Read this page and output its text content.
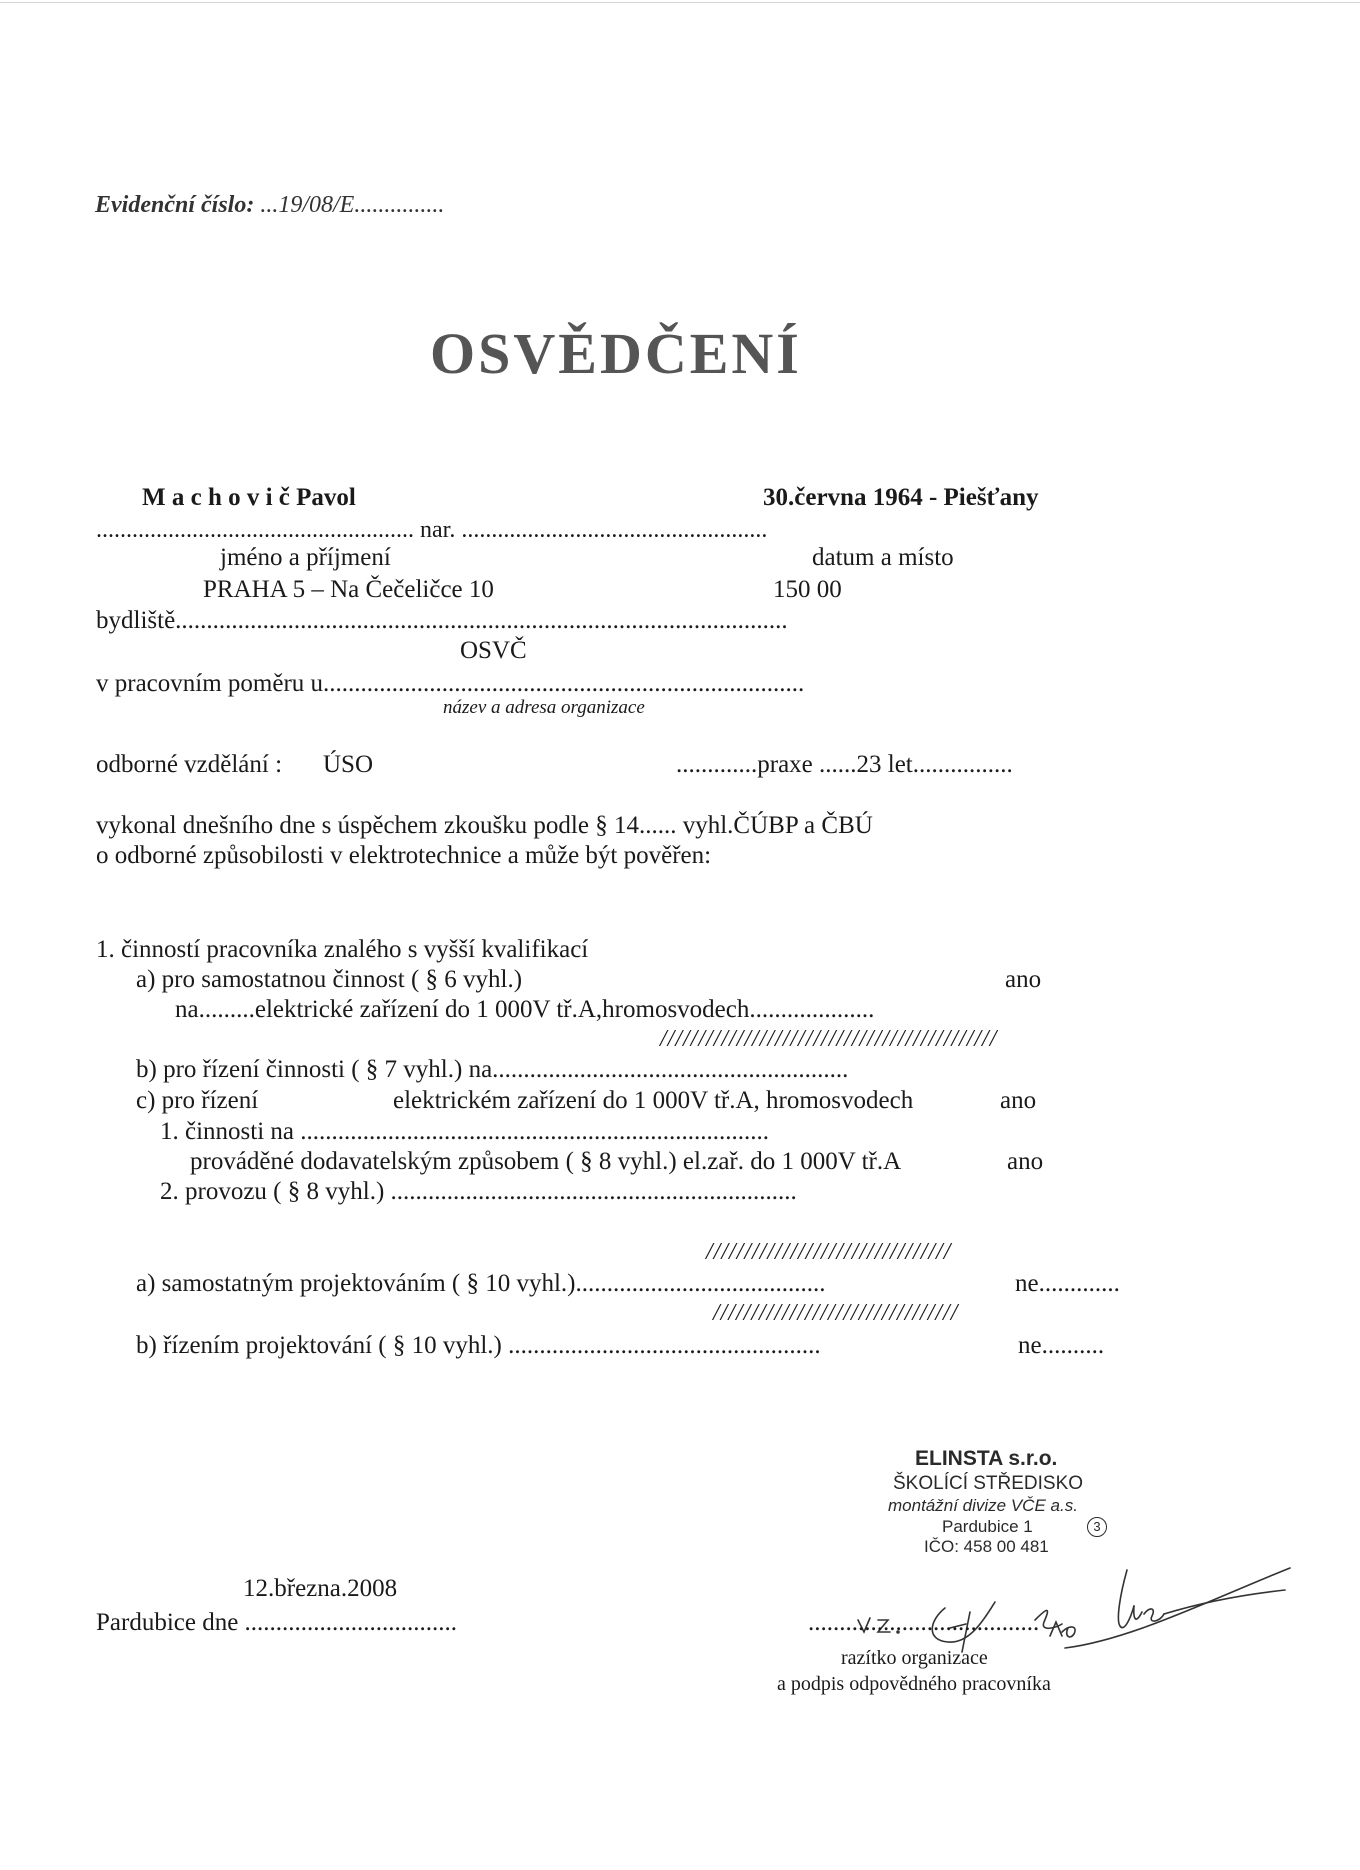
Evidenční číslo: ...19/08/E...............
OSVĚDČENÍ
M a c h o v i č Pavol	30.června 1964 - Piešťany
..................................................... nar. ...................................................
jméno a příjmení	datum a místo
PRAHA 5 – Na Čečeličce 10	150 00
bydliště..................................................................................................
OSVČ
v pracovním poměru u.............................................................................
název a adresa organizace
odborné vzdělání : ÚSO	.............praxe ......23 let................
vykonal dnešního dne s úspěchem zkoušku podle § 14...... vyhl.ČÚBP a ČBÚ
o odborné způsobilosti v elektrotechnice a může být pověřen:
1. činností pracovníka znalého s vyšší kvalifikací
a) pro samostatnou činnost ( § 6 vyhl.)	ano
na.........elektrické zařízení do 1 000V tř.A,hromosvodech....................
////////////////////////////////////////////
b) pro řízení činnosti ( § 7 vyhl.) na.........................................................
c) pro řízení	elektrickém zařízení do 1 000V tř.A, hromosvodech	ano
1. činnosti na ...........................................................................
prováděné dodavatelským způsobem ( § 8 vyhl.) el.zař. do 1 000V tř.A	ano
2. provozu ( § 8 vyhl.) .................................................................
////////////////////////////////
a) samostatným projektováním ( § 10 vyhl.)........................................	ne.............
////////////////////////////////
b) řízením projektování ( § 10 vyhl.) ..................................................	ne..........
ELINSTA s.r.o.
ŠKOLÍCÍ STŘEDISKO
montážní divize VČE a.s.
Pardubice 1	3
IČO: 458 00 481
12.března.2008
Pardubice dne ..................................	.....................................
razítko organizace
a podpis odpovědného pracovníka
